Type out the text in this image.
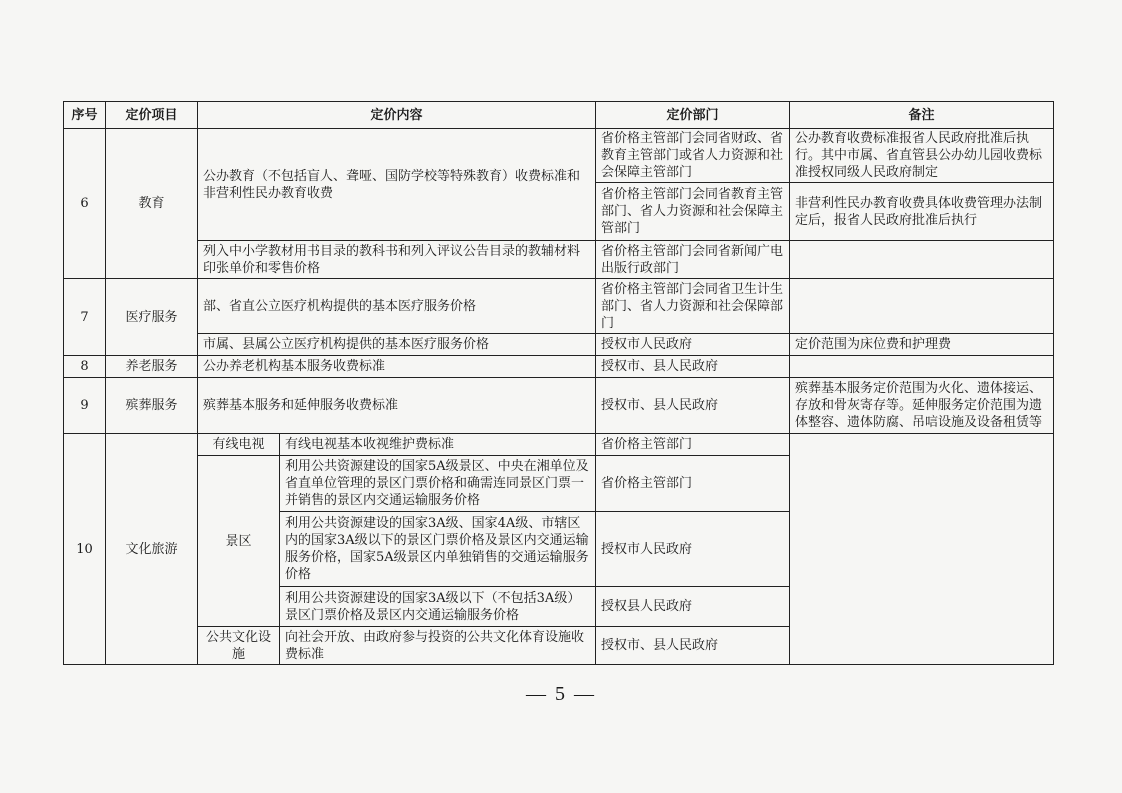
序号	定价项目	定价内容		定价部门	备注
6	教育	公办教育（不包括盲人、聋哑、国防学校等特殊教育）收费标准和非营利性民办教育收费		省价格主管部门会同省财政、省教育主管部门或省人力资源和社会保障主管部门	公办教育收费标准报省人民政府批准后执行。其中市属、省直管县公办幼儿园收费标准授权同级人民政府制定
				省价格主管部门会同省教育主管部门、省人力资源和社会保障主管部门	非营利性民办教育收费具体收费管理办法制定后，报省人民政府批准后执行
		列入中小学教材用书目录的教科书和列入评议公告目录的教辅材料印张单价和零售价格		省价格主管部门会同省新闻广电出版行政部门	
7	医疗服务	部、省直公立医疗机构提供的基本医疗服务价格		省价格主管部门会同省卫生计生部门、省人力资源和社会保障部门	
		市属、县属公立医疗机构提供的基本医疗服务价格		授权市人民政府	定价范围为床位费和护理费
8	养老服务	公办养老机构基本服务收费标准		授权市、县人民政府	
9	殡葬服务	殡葬基本服务和延伸服务收费标准		授权市、县人民政府	殡葬基本服务定价范围为火化、遗体接运、存放和骨灰寄存等。延伸服务定价范围为遗体整容、遗体防腐、吊唁设施及设备租赁等
10	文化旅游	有线电视	有线电视基本收视维护费标准	省价格主管部门	
		景区	利用公共资源建设的国家5A级景区、中央在湘单位及省直单位管理的景区门票价格和确需连同景区门票一并销售的景区内交通运输服务价格	省价格主管部门	
			利用公共资源建设的国家3A级、国家4A级、市辖区内的国家3A级以下的景区门票价格及景区内交通运输服务价格，国家5A级景区内单独销售的交通运输服务价格	授权市人民政府	
			利用公共资源建设的国家3A级以下（不包括3A级）景区门票价格及景区内交通运输服务价格	授权县人民政府	
		公共文化设施	向社会开放、由政府参与投资的公共文化体育设施收费标准	授权市、县人民政府	
— 5 —
